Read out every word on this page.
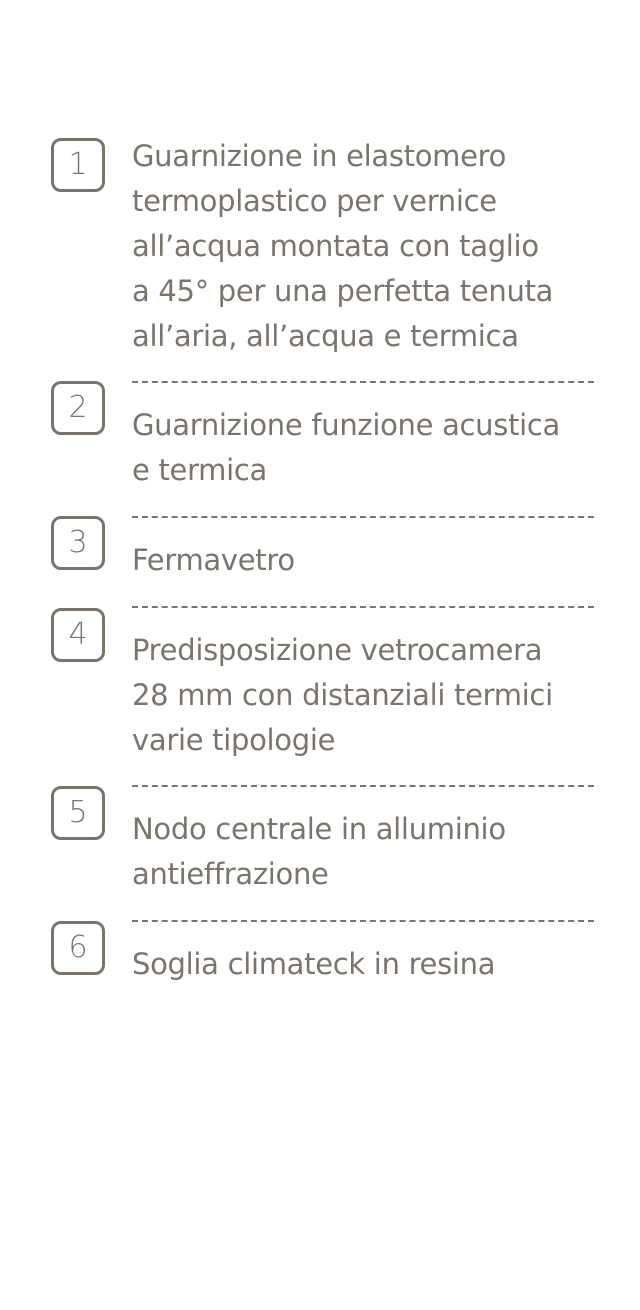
1 Guarnizione in elastomero
termoplastico per vernice
all’acqua montata con taglio
a 45° per una perfetta tenuta
all’aria, all’acqua e termica
2 Guarnizione funzione acustica
e termica
3 Fermavetro
4 Predisposizione vetrocamera
28 mm con distanziali termici
varie tipologie
5 Nodo centrale in alluminio
antieffrazione
6 Soglia climateck in resina
